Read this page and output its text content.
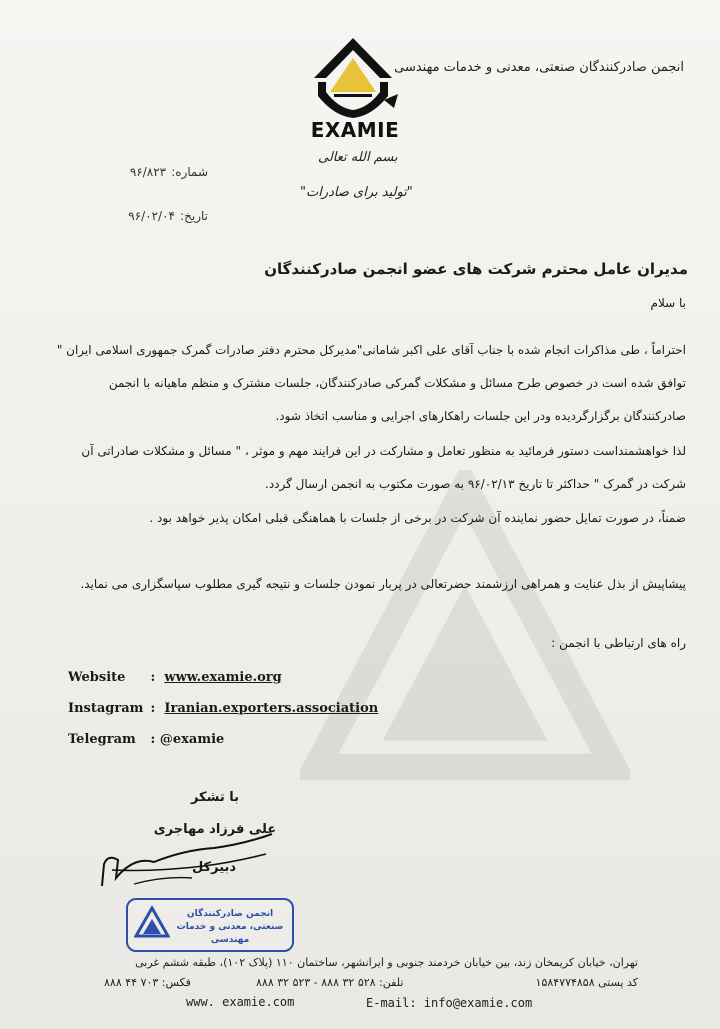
انجمن صادرکنندگان صنعتی، معدنی و خدمات مهندسی
EXAMIE
بسم الله تعالی
"تولید برای صادرات"
شماره: ۹۶/۸۲۳
تاریخ: ۹۶/۰۲/۰۴
مدیران عامل محترم شرکت های عضو انجمن صادرکنندگان
با سلام
احتراماً ، طی مذاکرات انجام شده با جناب آقای علی اکبر شامانی"مدیرکل محترم دفتر صادرات گمرک جمهوری اسلامی ایران "
توافق شده است در خصوص طرح مسائل و مشکلات گمرکی صادرکنندگان، جلسات مشترک و منظم ماهیانه با انجمن
صادرکنندگان برگزارگردیده ودر این جلسات راهکارهای اجرایی و مناسب اتخاذ شود.
لذا خواهشمنداست دستور فرمائید به منظور تعامل و مشارکت در این فرایند مهم و موثر ، " مسائل و مشکلات صادراتی آن
شرکت در گمرک " حداکثر تا تاریخ ۹۶/۰۲/۱۳ به صورت مکتوب به انجمن ارسال گردد.
ضمناً، در صورت تمایل حضور نماینده آن شرکت در برخی از جلسات با هماهنگی قبلی امکان پذیر خواهد بود .
پیشاپیش از بذل عنایت و همراهی ارزشمند حضرتعالی در پربار نمودن جلسات و نتیجه گیری مطلوب سپاسگزاری می نماید.
راه های ارتباطی با انجمن :
Website : www.examie.org
Instagram : Iranian.exporters.association
Telegram : @examie
با تشکر
علی فرزاد مهاجری
دبیرکل
انجمن صادرکنندگان صنعتی، معدنی و خدمات مهندسی
تهران، خیابان کریمخان زند، بین خیابان خردمند جنوبی و ایرانشهر، ساختمان ۱۱۰ (پلاک ۱۰۲)، طبقه ششم غربی
کد پستی ۱۵۸۴۷۷۴۸۵۸
تلفن: ۵۲۸ ۳۲ ۸۸۸ - ۵۲۳ ۳۲ ۸۸۸
فکس: ۷۰۳ ۴۴ ۸۸۸
www. examie.com	E-mail: info@examie.com
